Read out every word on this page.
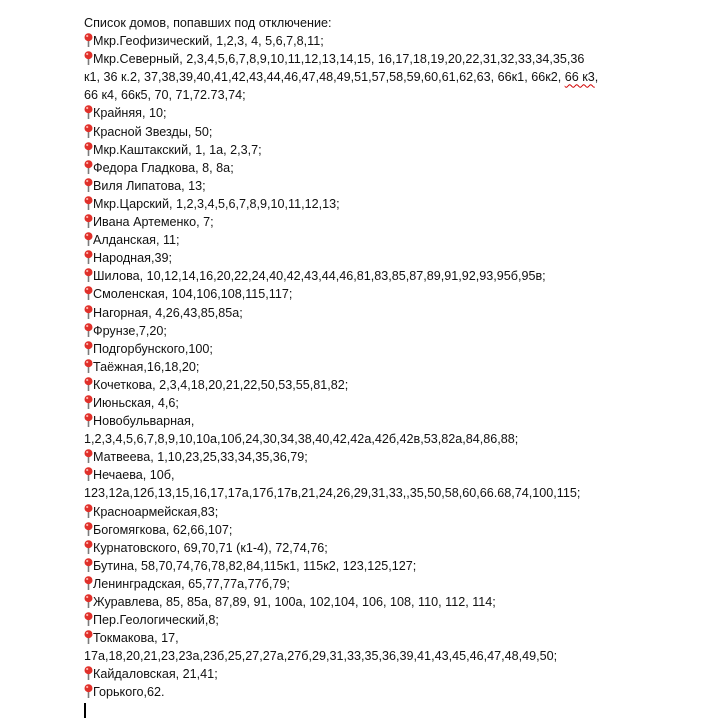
Список домов, попавших под отключение:
Мкр.Геофизический, 1,2,3, 4, 5,6,7,8,11;
Мкр.Северный, 2,3,4,5,6,7,8,9,10,11,12,13,14,15, 16,17,18,19,20,22,31,32,33,34,35,36
к1, 36 к.2, 37,38,39,40,41,42,43,44,46,47,48,49,51,57,58,59,60,61,62,63, 66к1, 66к2, 66 к3,
66 к4, 66к5, 70, 71,72.73,74;
Крайняя, 10;
Красной Звезды, 50;
Мкр.Каштакский, 1, 1а, 2,3,7;
Федора Гладкова, 8, 8а;
Виля Липатова, 13;
Мкр.Царский, 1,2,3,4,5,6,7,8,9,10,11,12,13;
Ивана Артеменко, 7;
Алданская, 11;
Народная,39;
Шилова, 10,12,14,16,20,22,24,40,42,43,44,46,81,83,85,87,89,91,92,93,95б,95в;
Смоленская, 104,106,108,115,117;
Нагорная, 4,26,43,85,85а;
Фрунзе,7,20;
Подгорбунского,100;
Таёжная,16,18,20;
Кочеткова, 2,3,4,18,20,21,22,50,53,55,81,82;
Июньская, 4,6;
Новобульварная,
1,2,3,4,5,6,7,8,9,10,10а,10б,24,30,34,38,40,42,42а,42б,42в,53,82а,84,86,88;
Матвеева, 1,10,23,25,33,34,35,36,79;
Нечаева, 10б,
123,12а,12б,13,15,16,17,17а,17б,17в,21,24,26,29,31,33,,35,50,58,60,66.68,74,100,115;
Красноармейская,83;
Богомягкова, 62,66,107;
Курнатовского, 69,70,71 (к1-4), 72,74,76;
Бутина, 58,70,74,76,78,82,84,115к1, 115к2, 123,125,127;
Ленинградская, 65,77,77а,77б,79;
Журавлева, 85, 85а, 87,89, 91, 100а, 102,104, 106, 108, 110, 112, 114;
Пер.Геологический,8;
Токмакова, 17,
17а,18,20,21,23,23а,23б,25,27,27а,27б,29,31,33,35,36,39,41,43,45,46,47,48,49,50;
Кайдаловская, 21,41;
Горького,62.
